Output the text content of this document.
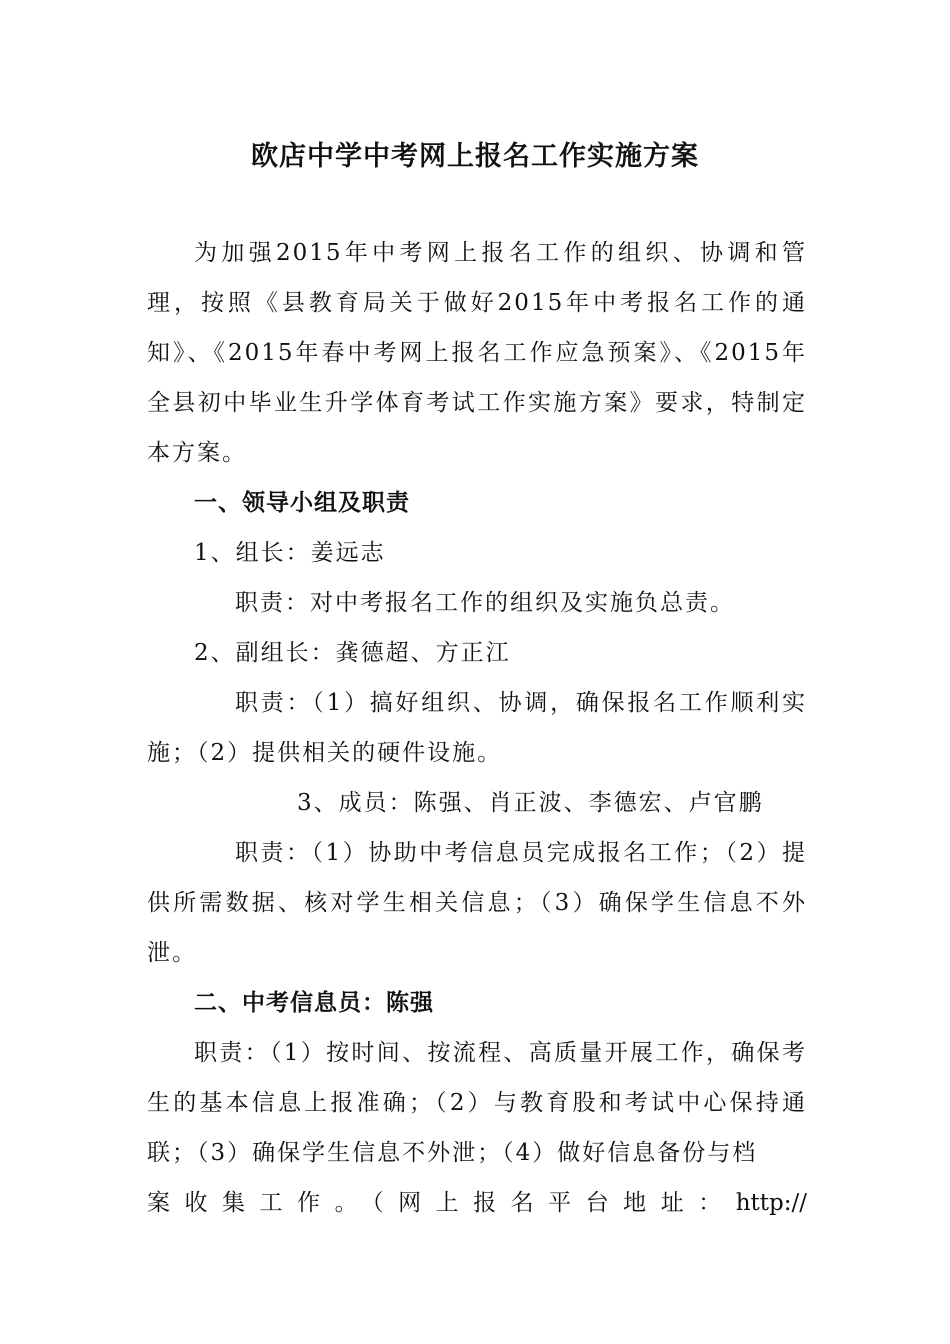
欧店中学中考网上报名工作实施方案

为加强2015年中考网上报名工作的组织、协调和管理，按照《县教育局关于做好2015年中考报名工作的通知》、《2015年春中考网上报名工作应急预案》、《2015年全县初中毕业生升学体育考试工作实施方案》要求，特制定本方案。

一、领导小组及职责

1、组长：姜远志

职责：对中考报名工作的组织及实施负总责。

2、副组长：龚德超、方正江

职责：（1）搞好组织、协调，确保报名工作顺利实施；（2）提供相关的硬件设施。

3、成员：陈强、肖正波、李德宏、卢官鹏

职责：（1）协助中考信息员完成报名工作；（2）提供所需数据、核对学生相关信息；（3）确保学生信息不外泄。

二、中考信息员：陈强

职责：（1）按时间、按流程、高质量开展工作，确保考生的基本信息上报准确；（2）与教育股和考试中心保持通联；（3）确保学生信息不外泄；（4）做好信息备份与档

案收集工作。（网上报名平台地址：http://
